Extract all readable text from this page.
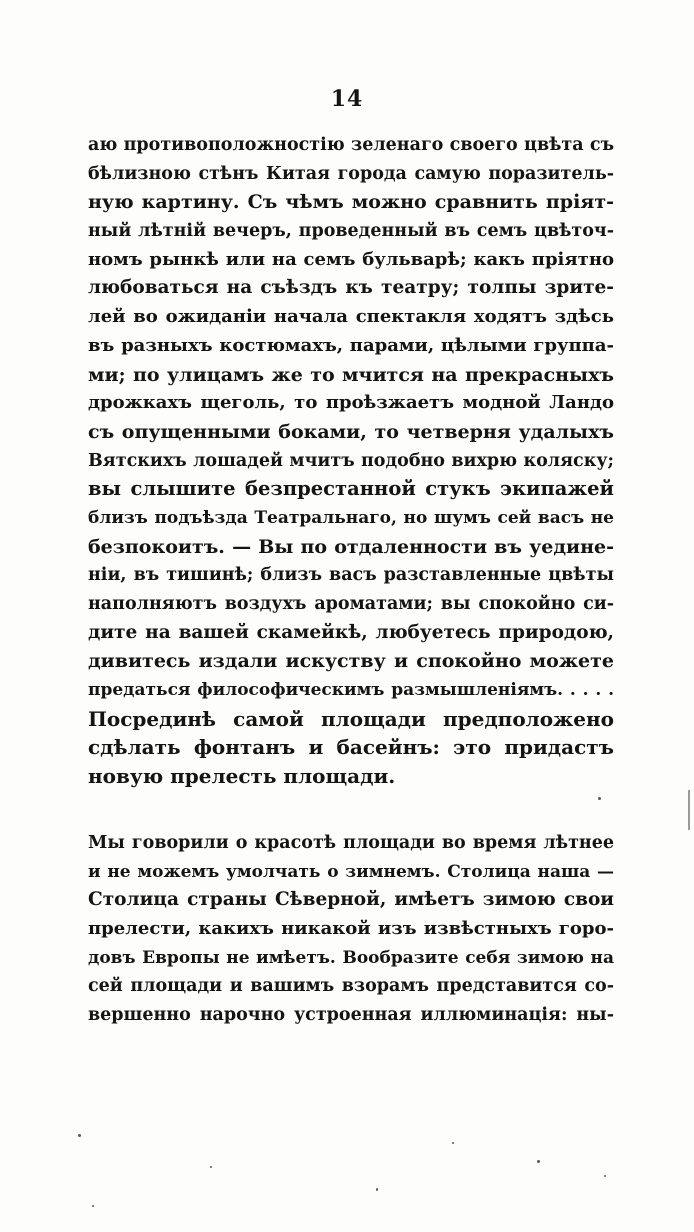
14
аю противоположностію зеленаго своего цвѣта съ
бѣлизною стѣнъ Китая города самую поразитель-
ную картину. Съ чѣмъ можно сравнить пріят-
ный лѣтній вечеръ, проведенный въ семъ цвѣточ-
номъ рынкѣ или на семъ бульварѣ; какъ пріятно
любоваться на съѣздъ къ театру; толпы зрите-
лей во ожиданіи начала спектакля ходятъ здѣсь
въ разныхъ костюмахъ, парами, цѣлыми группа-
ми; по улицамъ же то мчится на прекрасныхъ
дрожкахъ щеголь, то проѣзжаетъ модной Ландо
съ опущенными боками, то четверня удалыхъ
Вятскихъ лошадей мчитъ подобно вихрю коляску;
вы слышите безпрестанной стукъ экипажей
близъ подъѣзда Театральнаго, но шумъ сей васъ не
безпокоитъ. — Вы по отдаленности въ уедине-
ніи, въ тишинѣ; близъ васъ разставленные цвѣты
наполняютъ воздухъ ароматами; вы спокойно си-
дите на вашей скамейкѣ, любуетесь природою,
дивитесь издали искуству и спокойно можете
предаться философическимъ размышленіямъ. . . . .
Посрединѣ самой площади предположено
сдѣлать фонтанъ и басейнъ: это придастъ
новую прелесть площади.
Мы говорили о красотѣ площади во время лѣтнее
и не можемъ умолчать о зимнемъ. Столица наша —
Столица страны Сѣверной, имѣетъ зимою свои
прелести, какихъ никакой изъ извѣстныхъ горо-
довъ Европы не имѣетъ. Вообразите себя зимою на
сей площади и вашимъ взорамъ представится со-
вершенно нарочно устроенная иллюминація: ны-
